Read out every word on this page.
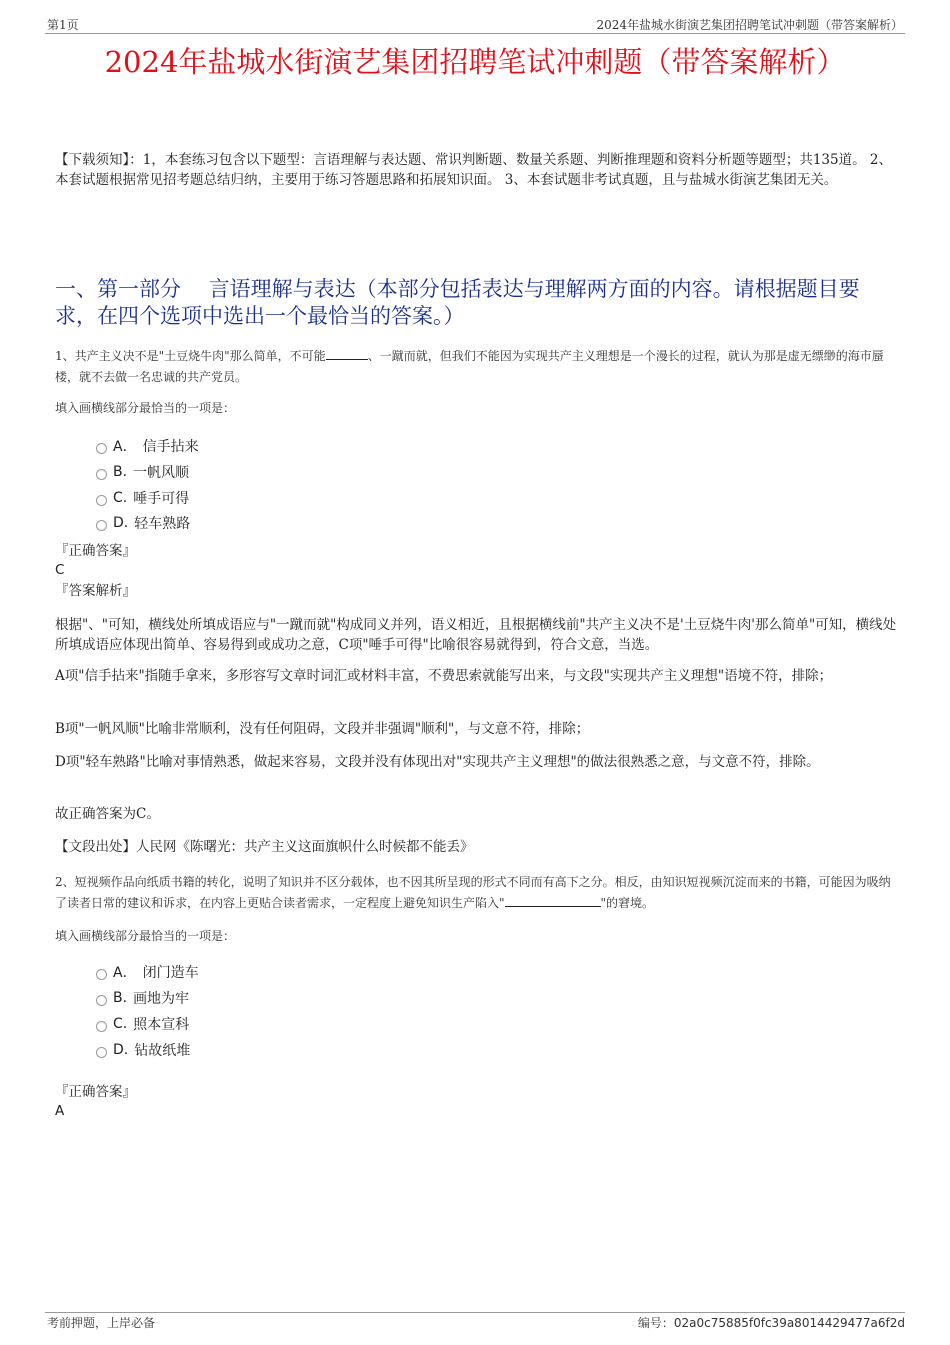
第1页	2024年盐城水街演艺集团招聘笔试冲刺题（带答案解析）
2024年盐城水街演艺集团招聘笔试冲刺题（带答案解析）
【下载须知】：1，本套练习包含以下题型：言语理解与表达题、常识判断题、数量关系题、判断推理题和资料分析题等题型；共135道。 2、本套试题根据常见招考题总结归纳，主要用于练习答题思路和拓展知识面。 3、本套试题非考试真题，且与盐城水街演艺集团无关。
一、第一部分　 言语理解与表达（本部分包括表达与理解两方面的内容。请根据题目要求，在四个选项中选出一个最恰当的答案。）
1、共产主义决不是"土豆烧牛肉"那么简单，不可能	、一蹴而就，但我们不能因为实现共产主义理想是一个漫长的过程，就认为那是虚无缥缈的海市蜃楼，就不去做一名忠诚的共产党员。
填入画横线部分最恰当的一项是：
A． 信手拈来
B. 一帆风顺
C. 唾手可得
D. 轻车熟路
『正确答案』
C
『答案解析』
根据"、"可知，横线处所填成语应与"一蹴而就"构成同义并列，语义相近，且根据横线前"共产主义决不是'土豆烧牛肉'那么简单"可知，横线处所填成语应体现出简单、容易得到或成功之意，C项"唾手可得"比喻很容易就得到，符合文意，当选。
A项"信手拈来"指随手拿来，多形容写文章时词汇或材料丰富，不费思索就能写出来，与文段"实现共产主义理想"语境不符，排除；
B项"一帆风顺"比喻非常顺利，没有任何阻碍，文段并非强调"顺利"，与文意不符，排除；
D项"轻车熟路"比喻对事情熟悉，做起来容易，文段并没有体现出对"实现共产主义理想"的做法很熟悉之意，与文意不符，排除。
故正确答案为C。
【文段出处】人民网《陈曙光：共产主义这面旗帜什么时候都不能丢》
2、短视频作品向纸质书籍的转化，说明了知识并不区分载体，也不因其所呈现的形式不同而有高下之分。相反，由知识短视频沉淀而来的书籍，可能因为吸纳了读者日常的建议和诉求，在内容上更贴合读者需求，一定程度上避免知识生产陷入"	"的窘境。
填入画横线部分最恰当的一项是：
A． 闭门造车
B. 画地为牢
C. 照本宣科
D. 钻故纸堆
『正确答案』
A
考前押题，上岸必备	编号：02a0c75885f0fc39a8014429477a6f2d
